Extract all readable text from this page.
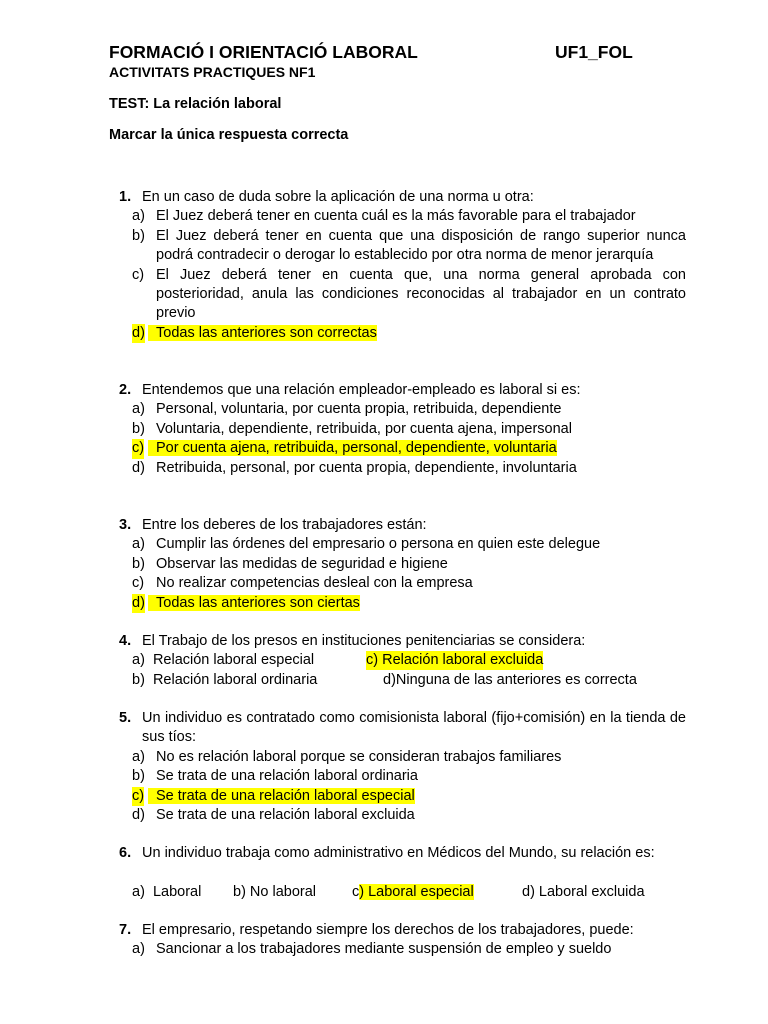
FORMACIÓ I ORIENTACIÓ LABORAL	UF1_FOL
ACTIVITATS PRACTIQUES NF1
TEST: La relación laboral
Marcar la única respuesta correcta
1. En un caso de duda sobre la aplicación de una norma u otra:
a) El Juez deberá tener en cuenta cuál es la más favorable para el trabajador
b) El Juez deberá tener en cuenta que una disposición de rango superior nunca podrá contradecir o derogar lo establecido por otra norma de menor jerarquía
c) El Juez deberá tener en cuenta que, una norma general aprobada con posterioridad, anula las condiciones reconocidas al trabajador en un contrato previo
d) Todas las anteriores son correctas
2. Entendemos que una relación empleador-empleado es laboral si es:
a) Personal, voluntaria, por cuenta propia, retribuida, dependiente
b) Voluntaria, dependiente, retribuida, por cuenta ajena, impersonal
c) Por cuenta ajena, retribuida, personal, dependiente, voluntaria
d) Retribuida, personal, por cuenta propia, dependiente, involuntaria
3. Entre los deberes de los trabajadores están:
a) Cumplir las órdenes del empresario o persona en quien este delegue
b) Observar las medidas de seguridad e higiene
c) No realizar competencias desleal con la empresa
d) Todas las anteriores son ciertas
4. El Trabajo de los presos en instituciones penitenciarias se considera:
a) Relación laboral especial	c) Relación laboral excluida
b) Relación laboral ordinaria	d)Ninguna de las anteriores es correcta
5. Un individuo es contratado como comisionista laboral (fijo+comisión) en la tienda de sus tíos:
a) No es relación laboral porque se consideran trabajos familiares
b) Se trata de una relación laboral ordinaria
c) Se trata de una relación laboral especial
d) Se trata de una relación laboral excluida
6. Un individuo trabaja como administrativo en Médicos del Mundo, su relación es:
a) Laboral b) No laboral c) Laboral especial	d) Laboral excluida
7. El empresario, respetando siempre los derechos de los trabajadores, puede:
a) Sancionar a los trabajadores mediante suspensión de empleo y sueldo
